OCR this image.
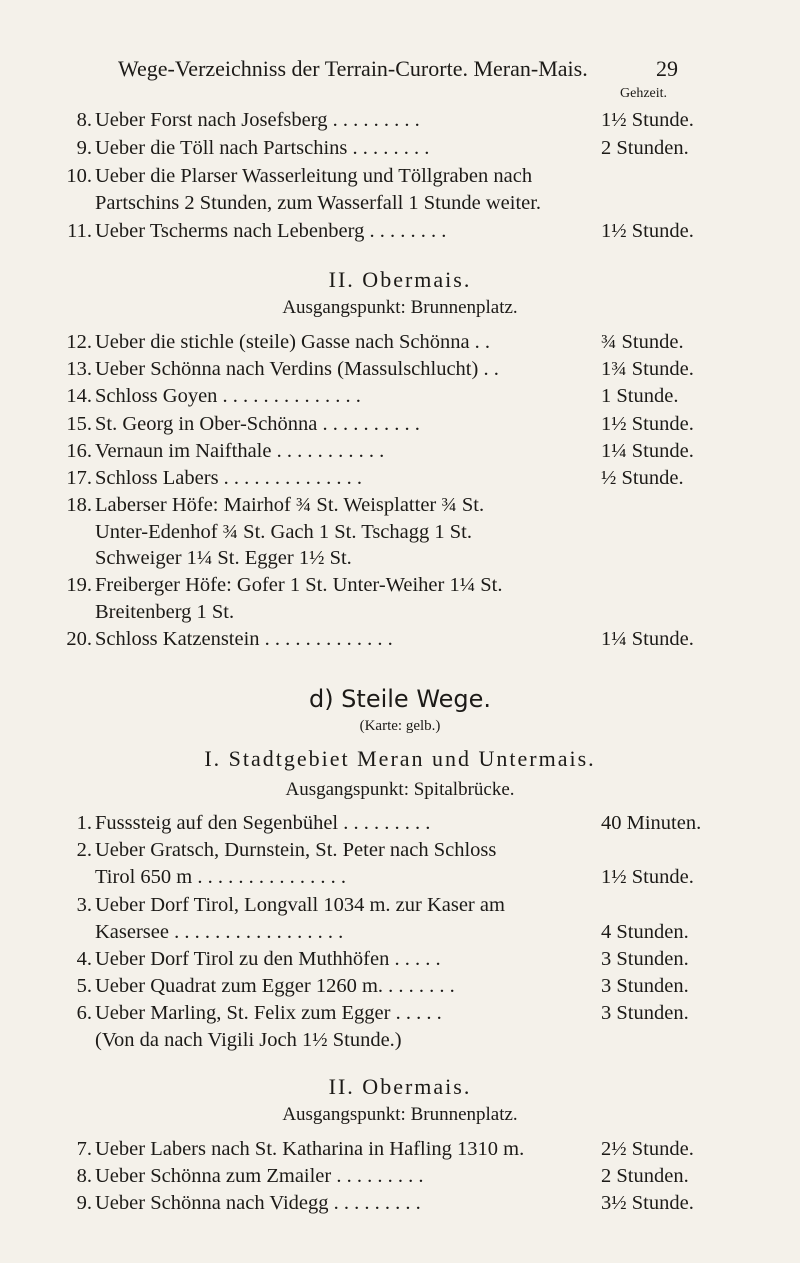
Wege-Verzeichniss der Terrain-Curorte. Meran-Mais.	29
Gehzeit.
8. Ueber Forst nach Josefsberg . . . . . . . . .	1½ Stunde.
9. Ueber die Töll nach Partschins . . . . . . . .	2 Stunden.
10. Ueber die Plarser Wasserleitung und Töllgraben nach
Partschins 2 Stunden, zum Wasserfall 1 Stunde weiter.
11. Ueber Tscherms nach Lebenberg . . . . . . . .	1½ Stunde.
II. Obermais.
Ausgangspunkt: Brunnenplatz.
12. Ueber die stichle (steile) Gasse nach Schönna . .	¾ Stunde.
13. Ueber Schönna nach Verdins (Massulschlucht) . .	1¾ Stunde.
14. Schloss Goyen . . . . . . . . . . . . . .	1 Stunde.
15. St. Georg in Ober-Schönna . . . . . . . . . .	1½ Stunde.
16. Vernaun im Naifthale . . . . . . . . . . .	1¼ Stunde.
17. Schloss Labers . . . . . . . . . . . . . .	½ Stunde.
18. Laberser Höfe: Mairhof ¾ St. Weisplatter ¾ St.
Unter-Edenhof ¾ St. Gach 1 St. Tschagg 1 St.
Schweiger 1¼ St. Egger 1½ St.
19. Freiberger Höfe: Gofer 1 St. Unter-Weiher 1¼ St.
Breitenberg 1 St.
20. Schloss Katzenstein . . . . . . . . . . . . .	1¼ Stunde.
d) Steile Wege.
(Karte: gelb.)
I. Stadtgebiet Meran und Untermais.
Ausgangspunkt: Spitalbrücke.
1. Fusssteig auf den Segenbühel . . . . . . . . .	40 Minuten.
2. Ueber Gratsch, Durnstein, St. Peter nach Schloss
Tirol 650 m . . . . . . . . . . . . . . .	1½ Stunde.
3. Ueber Dorf Tirol, Longvall 1034 m. zur Kaser am
Kasersee . . . . . . . . . . . . . . . . .	4 Stunden.
4. Ueber Dorf Tirol zu den Muthhöfen . . . . .	3 Stunden.
5. Ueber Quadrat zum Egger 1260 m. . . . . . . .	3 Stunden.
6. Ueber Marling, St. Felix zum Egger . . . . .	3 Stunden.
(Von da nach Vigili Joch 1½ Stunde.)
II. Obermais.
Ausgangspunkt: Brunnenplatz.
7. Ueber Labers nach St. Katharina in Hafling 1310 m.	2½ Stunde.
8. Ueber Schönna zum Zmailer . . . . . . . . .	2 Stunden.
9. Ueber Schönna nach Videgg . . . . . . . . .	3½ Stunde.
